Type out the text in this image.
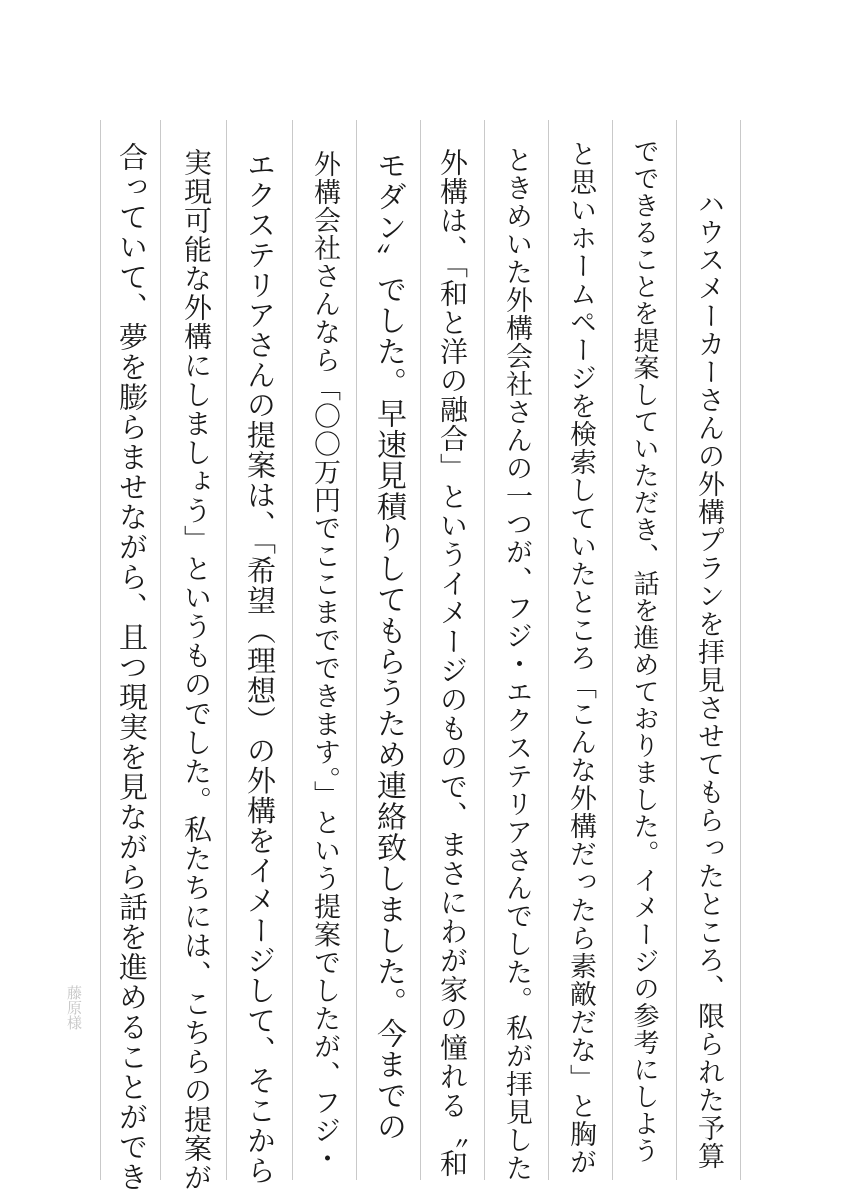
ハウスメーカーさんの外構プランを拝見させてもらったところ、限られた予算
でできることを提案していただき、話を進めておりました。イメージの参考にしよう
と思いホームページを検索していたところ「こんな外構だったら素敵だな」と胸が
ときめいた外構会社さんの一つが、フジ・エクステリアさんでした。私が拝見した
外構は、「和と洋の融合」というイメージのもので、まさにわが家の憧れる〝和
モダン〟でした。早速見積りしてもらうため連絡致しました。今までの
外構会社さんなら「〇〇万円でここまでできます。」という提案でしたが、フジ・
エクステリアさんの提案は、「希望（理想）の外構をイメージして、そこから
実現可能な外構にしましょう」というものでした。私たちには、こちらの提案が
合っていて、夢を膨らませながら、且つ現実を見ながら話を進めることができ
藤原様
